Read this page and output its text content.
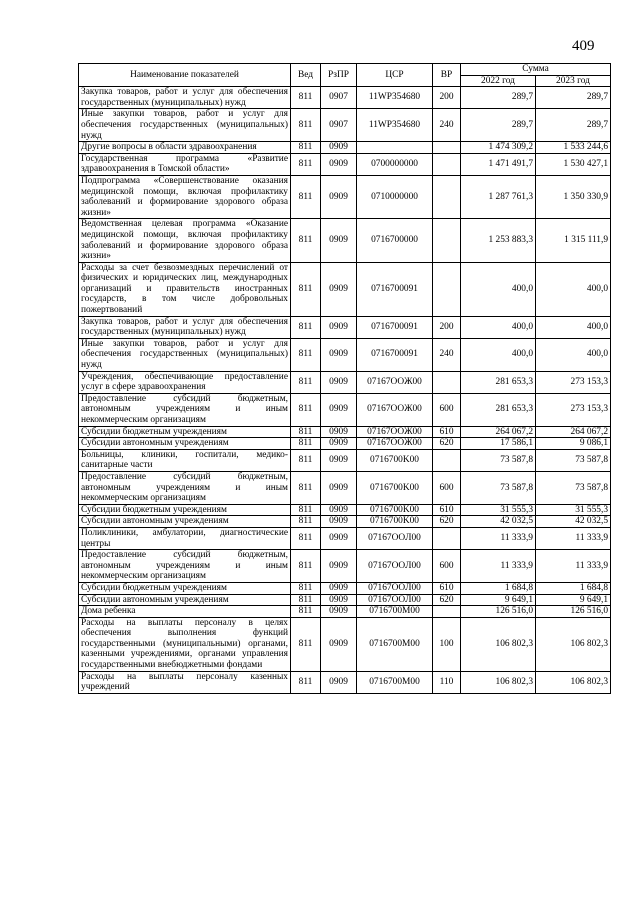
409
Наименование показателей	Вед	РзПР	ЦСР	ВР	Сумма	
					2022 год	2023 год
Закупка товаров, работ и услуг для обеспечения государственных (муниципальных) нужд	811	0907	11WP354680	200	289,7	289,7
Иные закупки товаров, работ и услуг для обеспечения государственных (муниципальных) нужд	811	0907	11WP354680	240	289,7	289,7
Другие вопросы в области здравоохранения	811	0909			1 474 309,2	1 533 244,6
Государственная программа «Развитие здравоохранения в Томской области»	811	0909	0700000000		1 471 491,7	1 530 427,1
Подпрограмма «Совершенствование оказания медицинской помощи, включая профилактику заболеваний и формирование здорового образа жизни»	811	0909	0710000000		1 287 761,3	1 350 330,9
Ведомственная целевая программа «Оказание медицинской помощи, включая профилактику заболеваний и формирование здорового образа жизни»	811	0909	0716700000		1 253 883,3	1 315 111,9
Расходы за счет безвозмездных перечислений от физических и юридических лиц, международных организаций и правительств иностранных государств, в том числе добровольных пожертвований	811	0909	0716700091		400,0	400,0
Закупка товаров, работ и услуг для обеспечения государственных (муниципальных) нужд	811	0909	0716700091	200	400,0	400,0
Иные закупки товаров, работ и услуг для обеспечения государственных (муниципальных) нужд	811	0909	0716700091	240	400,0	400,0
Учреждения, обеспечивающие предоставление услуг в сфере здравоохранения	811	0909	07167OOЖ00		281 653,3	273 153,3
Предоставление субсидий бюджетным, автономным учреждениям и иным некоммерческим организациям	811	0909	07167OOЖ00	600	281 653,3	273 153,3
Субсидии бюджетным учреждениям	811	0909	07167OOЖ00	610	264 067,2	264 067,2
Субсидии автономным учреждениям	811	0909	07167OOЖ00	620	17 586,1	9 086,1
Больницы, клиники, госпитали, медико-санитарные части	811	0909	0716700K00		73 587,8	73 587,8
Предоставление субсидий бюджетным, автономным учреждениям и иным некоммерческим организациям	811	0909	0716700K00	600	73 587,8	73 587,8
Субсидии бюджетным учреждениям	811	0909	0716700K00	610	31 555,3	31 555,3
Субсидии автономным учреждениям	811	0909	0716700K00	620	42 032,5	42 032,5
Поликлиники, амбулатории, диагностические центры	811	0909	07167OOЛ00		11 333,9	11 333,9
Предоставление субсидий бюджетным, автономным учреждениям и иным некоммерческим организациям	811	0909	07167OOЛ00	600	11 333,9	11 333,9
Субсидии бюджетным учреждениям	811	0909	07167OOЛ00	610	1 684,8	1 684,8
Субсидии автономным учреждениям	811	0909	07167OOЛ00	620	9 649,1	9 649,1
Дома ребенка	811	0909	0716700M00		126 516,0	126 516,0
Расходы на выплаты персоналу в целях обеспечения выполнения функций государственными (муниципальными) органами, казенными учреждениями, органами управления государственными внебюджетными фондами	811	0909	0716700M00	100	106 802,3	106 802,3
Расходы на выплаты персоналу казенных учреждений	811	0909	0716700M00	110	106 802,3	106 802,3
